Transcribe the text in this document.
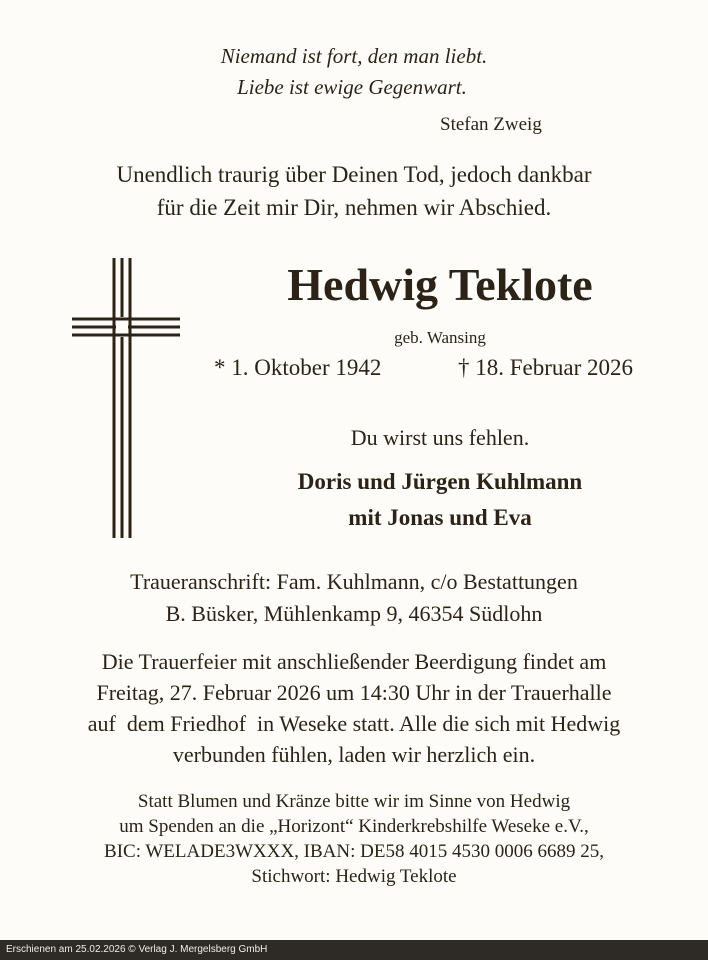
Niemand ist fort, den man liebt.
Liebe ist ewige Gegenwart.
Stefan Zweig
Unendlich traurig über Deinen Tod, jedoch dankbar
für die Zeit mir Dir, nehmen wir Abschied.
Hedwig Teklote
geb. Wansing
* 1. Oktober 1942	† 18. Februar 2026
Du wirst uns fehlen.
Doris und Jürgen Kuhlmann
mit Jonas und Eva
Traueranschrift: Fam. Kuhlmann, c/o Bestattungen
B. Büsker, Mühlenkamp 9, 46354 Südlohn
Die Trauerfeier mit anschließender Beerdigung findet am
Freitag, 27. Februar 2026 um 14:30 Uhr in der Trauerhalle
auf  dem Friedhof  in Weseke statt. Alle die sich mit Hedwig
verbunden fühlen, laden wir herzlich ein.
Statt Blumen und Kränze bitte wir im Sinne von Hedwig
um Spenden an die „Horizont“ Kinderkrebshilfe Weseke e.V.,
BIC: WELADE3WXXX, IBAN: DE58 4015 4530 0006 6689 25,
Stichwort: Hedwig Teklote
Erschienen am 25.02.2026 © Verlag J. Mergelsberg GmbH
